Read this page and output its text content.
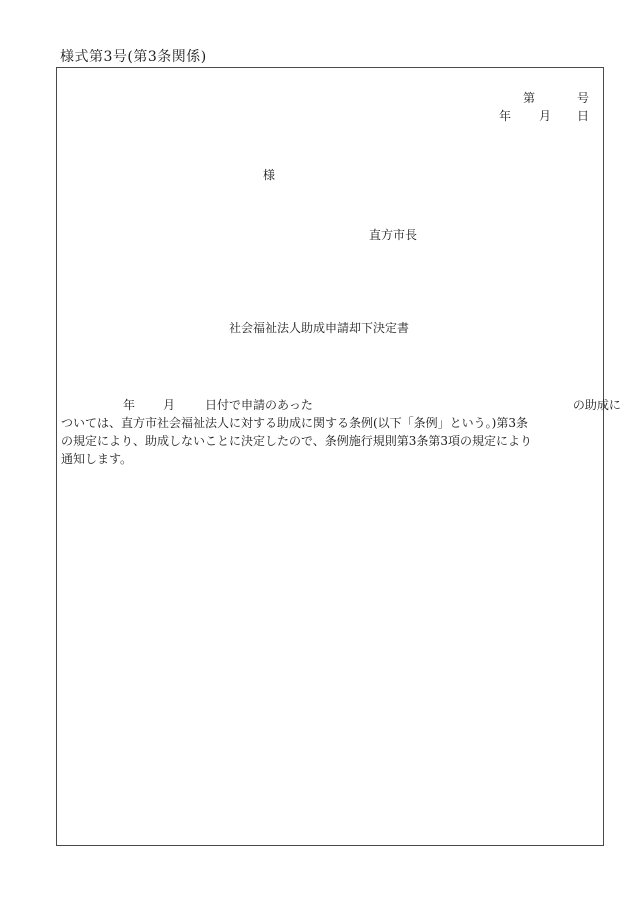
様式第3号(第3条関係)
第	号
年 月 日
様
直方市長
社会福祉法人助成申請却下決定書
年 月	日付で申請のあった	の助成に
ついては、直方市社会福祉法人に対する助成に関する条例(以下「条例」という。)第3条
の規定により、助成しないことに決定したので、条例施行規則第3条第3項の規定により
通知します。
